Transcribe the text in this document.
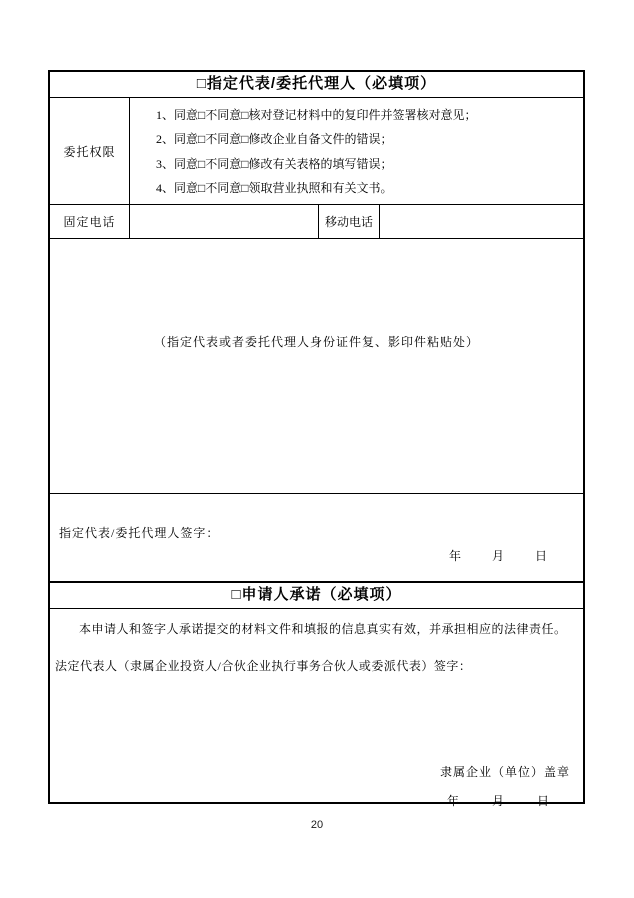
□指定代表/委托代理人（必填项）
委托权限
1、同意□不同意□核对登记材料中的复印件并签署核对意见；
2、同意□不同意□修改企业自备文件的错误；
3、同意□不同意□修改有关表格的填写错误；
4、同意□不同意□领取营业执照和有关文书。
固定电话	移动电话
（指定代表或者委托代理人身份证件复、影印件粘贴处）
指定代表/委托代理人签字：
年	月	日
□申请人承诺（必填项）
本申请人和签字人承诺提交的材料文件和填报的信息真实有效，并承担相应的法律责任。
法定代表人（隶属企业投资人/合伙企业执行事务合伙人或委派代表）签字：
隶属企业（单位）盖章
年	月	日
20
